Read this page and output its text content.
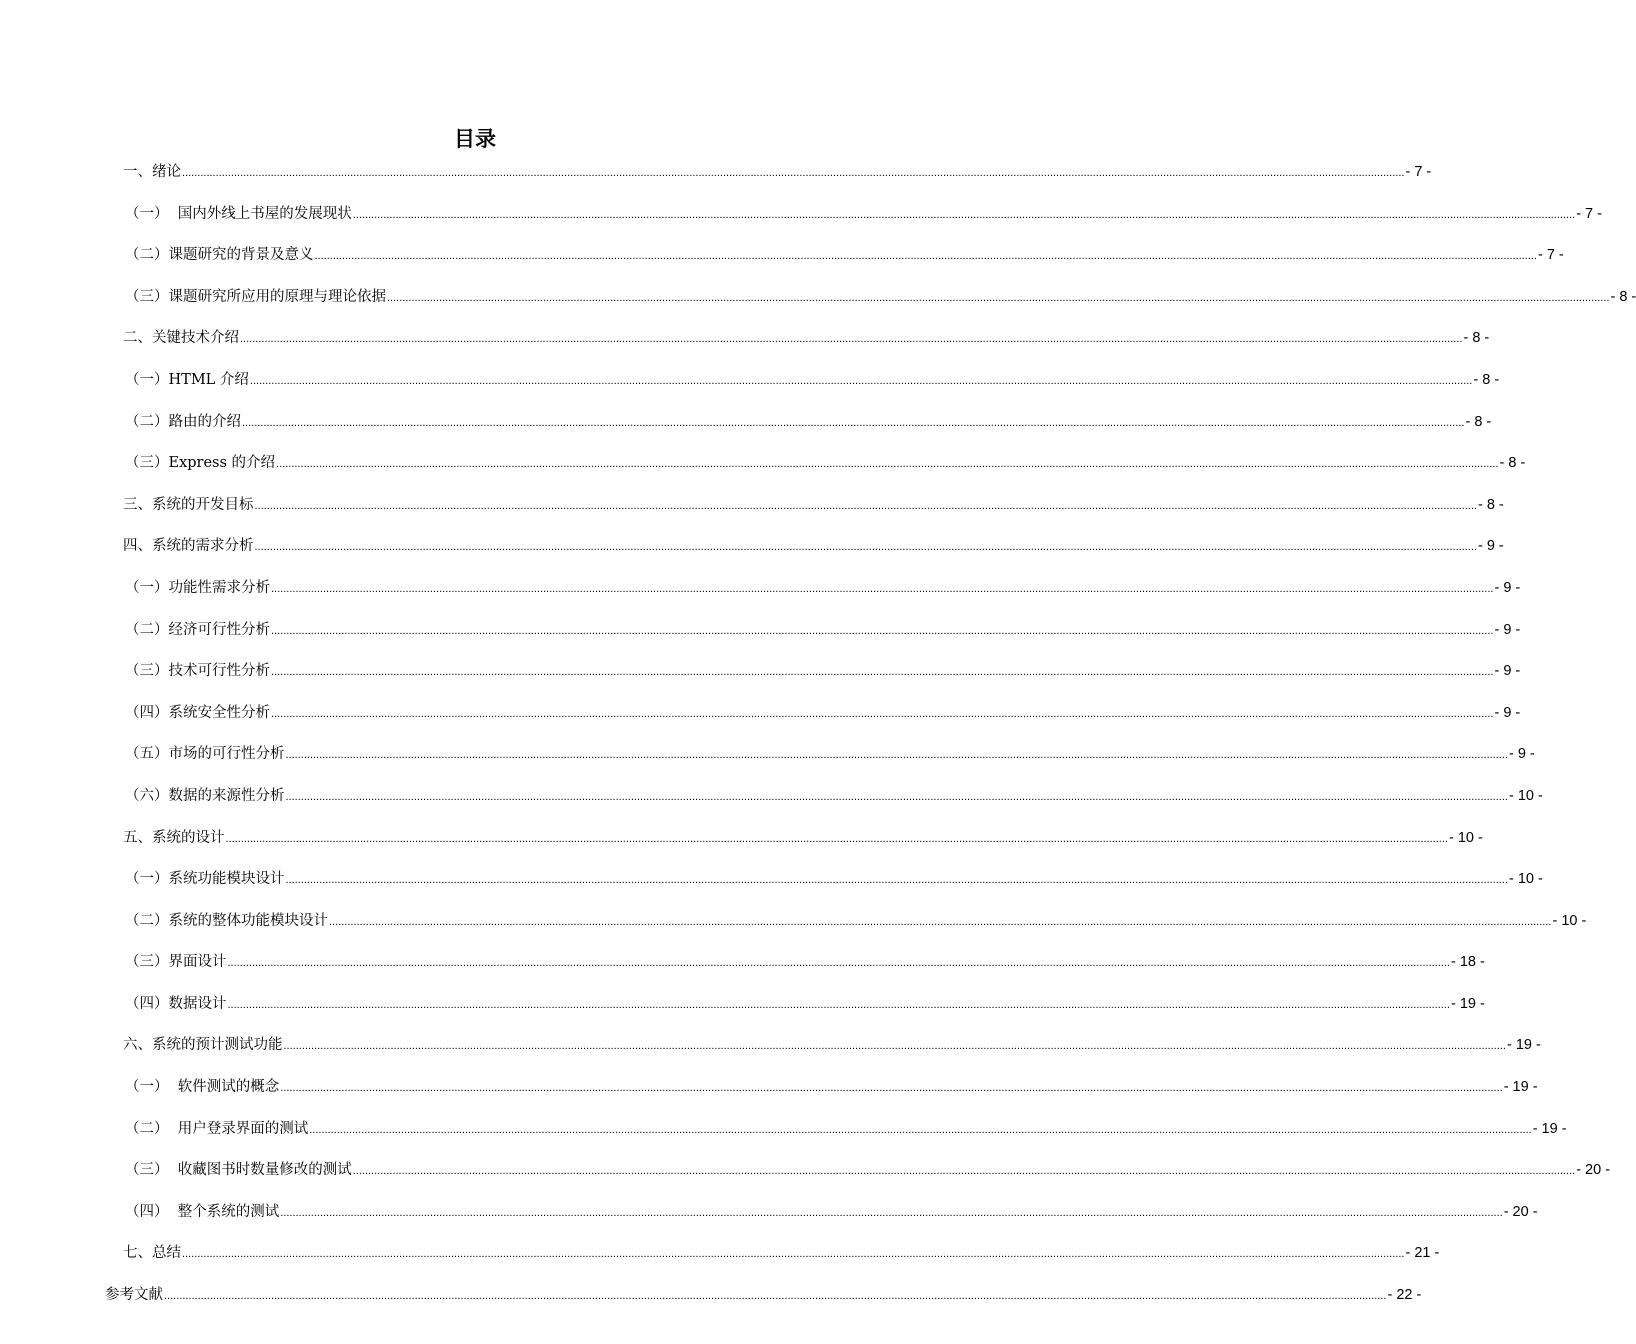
目录
一、绪论 ................................................................................................................................................................................................................................................................................................................................................................................................................ - 7 -
（一）  国内外线上书屋的发展现状 ................................................................................................................................................................................................................................................................................................................................................................................................................ - 7 -
（二）课题研究的背景及意义 ................................................................................................................................................................................................................................................................................................................................................................................................................ - 7 -
（三）课题研究所应用的原理与理论依据 ................................................................................................................................................................................................................................................................................................................................................................................................................ - 8 -
二、关键技术介绍 ................................................................................................................................................................................................................................................................................................................................................................................................................ - 8 -
（一）HTML 介绍 ................................................................................................................................................................................................................................................................................................................................................................................................................ - 8 -
（二）路由的介绍 ................................................................................................................................................................................................................................................................................................................................................................................................................ - 8 -
（三）Express 的介绍 ................................................................................................................................................................................................................................................................................................................................................................................................................ - 8 -
三、系统的开发目标 ................................................................................................................................................................................................................................................................................................................................................................................................................ - 8 -
四、系统的需求分析 ................................................................................................................................................................................................................................................................................................................................................................................................................ - 9 -
（一）功能性需求分析 ................................................................................................................................................................................................................................................................................................................................................................................................................ - 9 -
（二）经济可行性分析 ................................................................................................................................................................................................................................................................................................................................................................................................................ - 9 -
（三）技术可行性分析 ................................................................................................................................................................................................................................................................................................................................................................................................................ - 9 -
（四）系统安全性分析 ................................................................................................................................................................................................................................................................................................................................................................................................................ - 9 -
（五）市场的可行性分析 ................................................................................................................................................................................................................................................................................................................................................................................................................ - 9 -
（六）数据的来源性分析 ................................................................................................................................................................................................................................................................................................................................................................................................................ - 10 -
五、系统的设计 ................................................................................................................................................................................................................................................................................................................................................................................................................ - 10 -
（一）系统功能模块设计 ................................................................................................................................................................................................................................................................................................................................................................................................................ - 10 -
（二）系统的整体功能模块设计 ................................................................................................................................................................................................................................................................................................................................................................................................................ - 10 -
（三）界面设计 ................................................................................................................................................................................................................................................................................................................................................................................................................ - 18 -
（四）数据设计 ................................................................................................................................................................................................................................................................................................................................................................................................................ - 19 -
六、系统的预计测试功能 ................................................................................................................................................................................................................................................................................................................................................................................................................ - 19 -
（一）  软件测试的概念 ................................................................................................................................................................................................................................................................................................................................................................................................................ - 19 -
（二）  用户登录界面的测试 ................................................................................................................................................................................................................................................................................................................................................................................................................ - 19 -
（三）  收藏图书时数量修改的测试 ................................................................................................................................................................................................................................................................................................................................................................................................................ - 20 -
（四）  整个系统的测试 ................................................................................................................................................................................................................................................................................................................................................................................................................ - 20 -
七、总结 ................................................................................................................................................................................................................................................................................................................................................................................................................ - 21 -
参考文献 ................................................................................................................................................................................................................................................................................................................................................................................................................ - 22 -
